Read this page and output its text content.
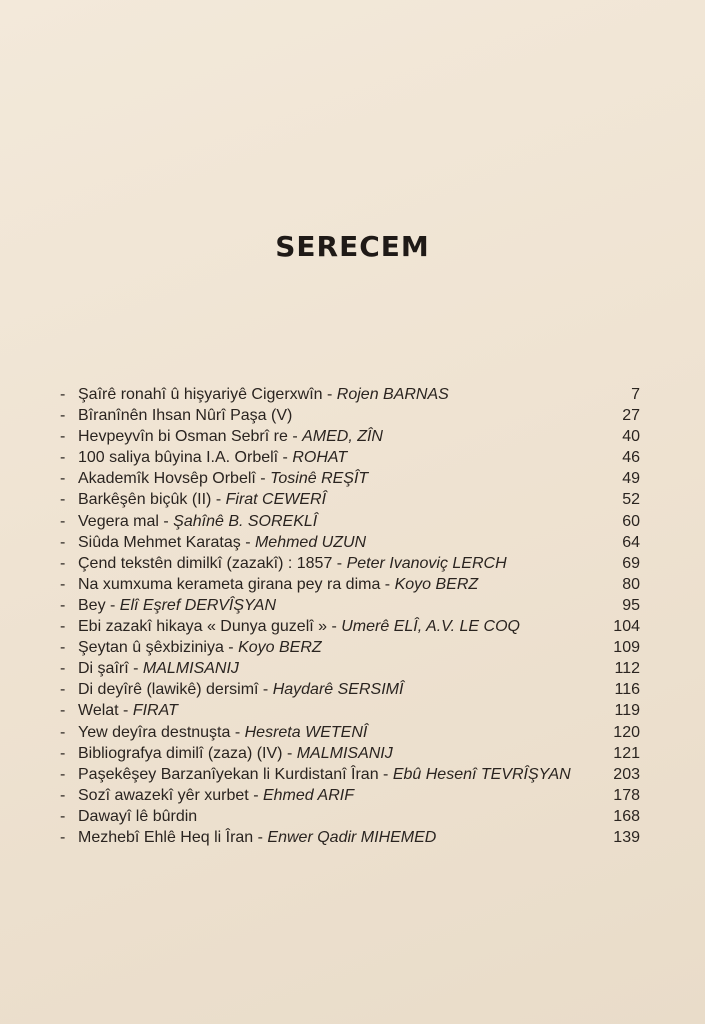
SERECEM
- Şaîrê ronahî û hişyariyê Cigerxwîn - Rojen BARNAS	7
- Bîranînên Ihsan Nûrî Paşa (V)	27
- Hevpeyvîn bi Osman Sebrî re - AMED, ZÎN	40
- 100 saliya bûyina I.A. Orbelî - ROHAT	46
- Akademîk Hovsêp Orbelî - Tosinê REŞÎT	49
- Barkêşên biçûk (II) - Firat CEWERÎ	52
- Vegera mal - Şahînê B. SOREKLÎ	60
- Siûda Mehmet Karataş - Mehmed UZUN	64
- Çend tekstên dimilkî (zazakî) : 1857 - Peter Ivanoviç LERCH	69
- Na xumxuma kerameta girana pey ra dima - Koyo BERZ	80
- Bey - Elî Eşref DERVÎŞYAN	95
- Ebi zazakî hikaya « Dunya guzelî » - Umerê ELÎ, A.V. LE COQ	104
- Şeytan û şêxbiziniya - Koyo BERZ	109
- Di şaîrî - MALMISANIJ	112
- Di deyîrê (lawikê) dersimî - Haydarê SERSIMÎ	116
- Welat - FIRAT	119
- Yew deyîra destnuşta - Hesreta WETENÎ	120
- Bibliografya dimilî (zaza) (IV) - MALMISANIJ	121
- Paşekêşey Barzanîyekan li Kurdistanî Îran - Ebû Hesenî TEVRÎŞYAN	203
- Sozî awazekî yêr xurbet - Ehmed ARIF	178
- Dawayî lê bûrdin	168
- Mezhebî Ehlê Heq li Îran - Enwer Qadir MIHEMED	139
